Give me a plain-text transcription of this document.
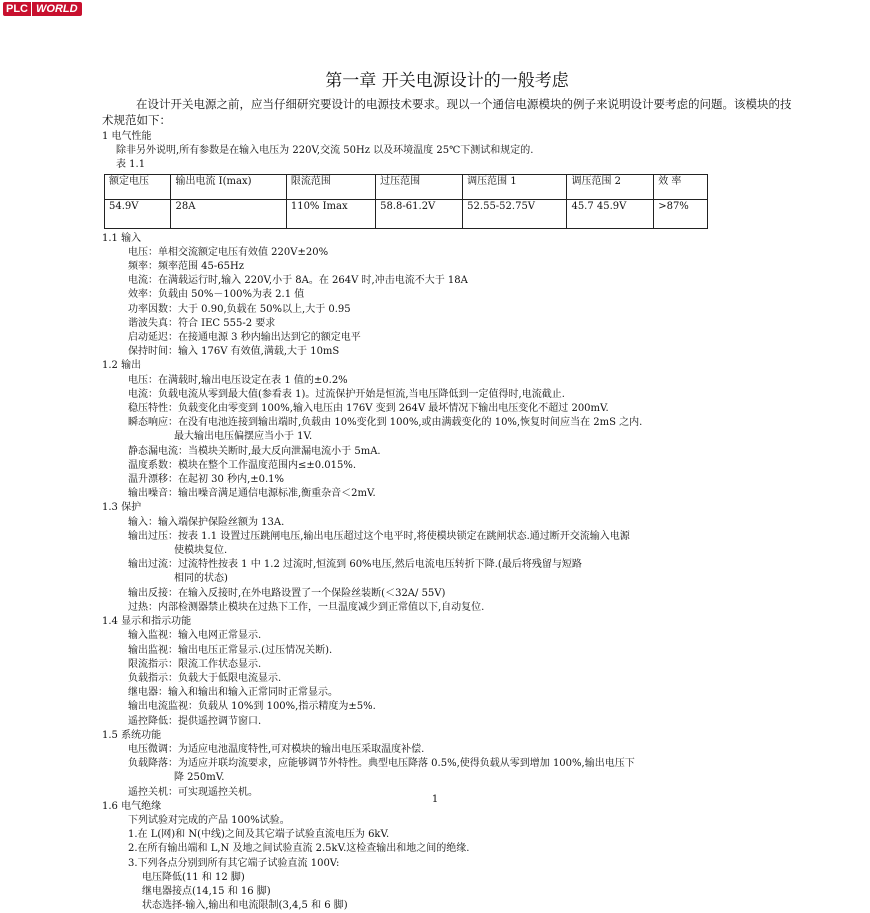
PLC WORLD
第一章 开关电源设计的一般考虑

在设计开关电源之前，应当仔细研究要设计的电源技术要求。现以一个通信电源模块的例子来说明设计要考虑的问题。该模块的技术规范如下：

1 电气性能

除非另外说明,所有参数是在输入电压为 220V,交流 50Hz 以及环境温度 25℃下测试和规定的.

表 1.1

额定电压	输出电流 I(max)	限流范围	过压范围	调压范围 1	调压范围 2	效 率
54.9V	28A	110% Imax	58.8-61.2V	52.55-52.75V	45.7 45.9V	>87%

1.1 输入

电压：单相交流额定电压有效值 220V±20%

频率：频率范围 45-65Hz

电流：在满载运行时,输入 220V,小于 8A。在 264V 时,冲击电流不大于 18A

效率：负载由 50%－100%为表 2.1 值

功率因数：大于 0.90,负载在 50%以上,大于 0.95

谐波失真：符合 IEC 555-2 要求

启动延迟：在接通电源 3 秒内输出达到它的额定电平

保持时间：输入 176V 有效值,满载,大于 10mS

1.2 输出

电压：在满载时,输出电压设定在表 1 值的±0.2%

电流：负载电流从零到最大值(参看表 1)。过流保护开始是恒流,当电压降低到一定值得时,电流截止.

稳压特性：负载变化由零变到 100%,输入电压由 176V 变到 264V 最坏情况下输出电压变化不超过 200mV.

瞬态响应：在没有电池连接到输出端时,负载由 10%变化到 100%,或由满载变化的 10%,恢复时间应当在 2mS 之内.

最大输出电压偏摆应当小于 1V.

静态漏电流：当模块关断时,最大反向泄漏电流小于 5mA.

温度系数：模块在整个工作温度范围内≤±0.015%.

温升漂移：在起初 30 秒内,±0.1%

输出噪音：输出噪音满足通信电源标准,衡重杂音＜2mV.

1.3 保护

输入：输入端保护保险丝额为 13A.

输出过压：按表 1.1 设置过压跳闸电压,输出电压超过这个电平时,将使模块锁定在跳闸状态.通过断开交流输入电源

使模块复位.

输出过流：过流特性按表 1 中 1.2 过流时,恒流到 60%电压,然后电流电压转折下降.(最后将残留与短路

相同的状态)

输出反接：在输入反接时,在外电路设置了一个保险丝装断(＜32A/ 55V)

过热：内部检测器禁止模块在过热下工作，一旦温度减少到正常值以下,自动复位.

1.4 显示和指示功能

输入监视：输入电网正常显示.

输出监视：输出电压正常显示.(过压情况关断).

限流指示：限流工作状态显示.

负载指示：负载大于低限电流显示.

继电器：输入和输出和输入正常同时正常显示。

输出电流监视：负载从 10%到 100%,指示精度为±5%.

遥控降低：提供遥控调节窗口.

1.5 系统功能

电压微调：为适应电池温度特性,可对模块的输出电压采取温度补偿.

负载降落：为适应并联均流要求，应能够调节外特性。典型电压降落 0.5%,使得负载从零到增加 100%,输出电压下

降 250mV.

遥控关机：可实现遥控关机。

1.6 电气绝缘

下列试验对完成的产品 100%试验。

1.在 L(网)和 N(中线)之间及其它端子试验直流电压为 6kV.

2.在所有输出端和 L,N 及地之间试验直流 2.5kV.这检查输出和地之间的绝缘.

3.下列各点分别到所有其它端子试验直流 100V:

电压降低(11 和 12 脚)

继电器接点(14,15 和 16 脚)

状态选择-输入,输出和电流限制(3,4,5 和 6 脚)

1
